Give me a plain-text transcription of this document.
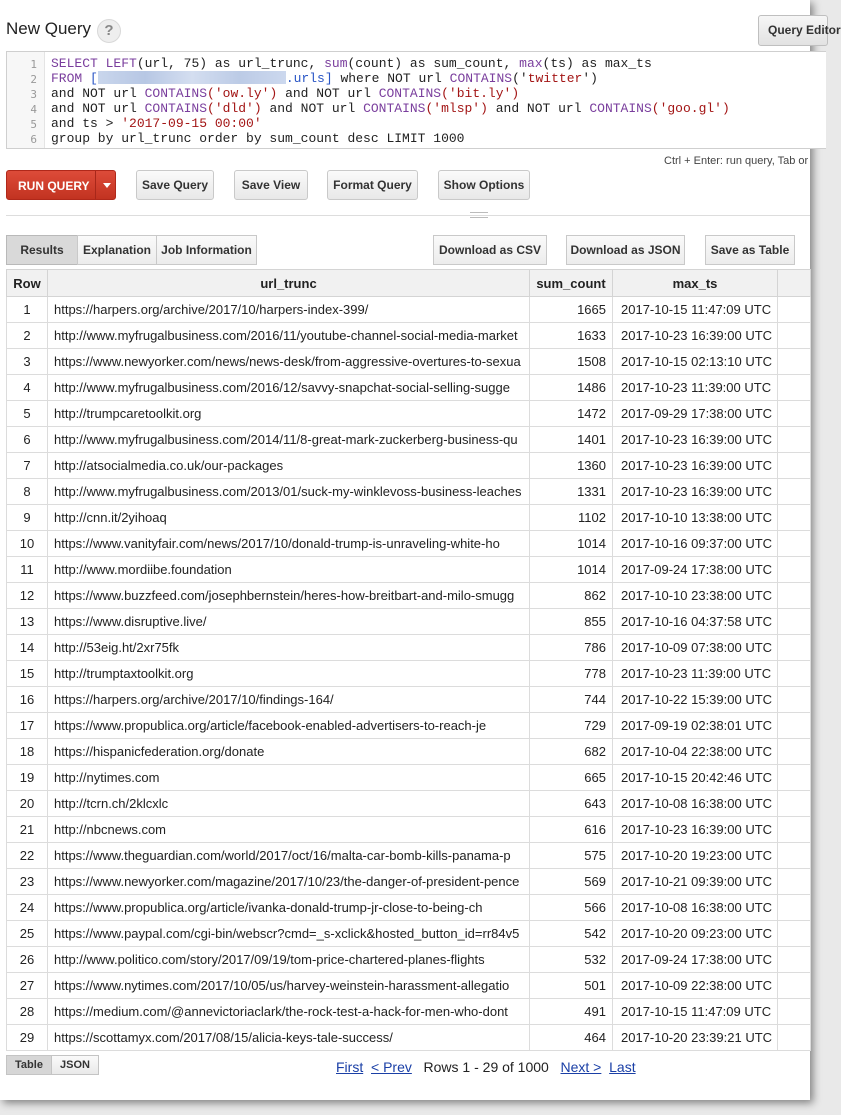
New Query ?	Query Editor
1
2
3
4
5
6
SELECT LEFT(url, 75) as url_trunc, sum(count) as sum_count, max(ts) as max_ts
FROM [	.urls] where NOT url CONTAINS('twitter')
and NOT url CONTAINS('ow.ly') and NOT url CONTAINS('bit.ly')
and NOT url CONTAINS('dld') and NOT url CONTAINS('mlsp') and NOT url CONTAINS('goo.gl')
and ts > '2017-09-15 00:00'
group by url_trunc order by sum_count desc LIMIT 1000
Ctrl + Enter: run query, Tab or
RUN QUERY	Save Query	Save View	Format Query	Show Options
Results	Explanation Job Information	Download as CSV	Download as JSON	Save as Table
Row	url_trunc	sum_count	max_ts	
1	https://harpers.org/archive/2017/10/harpers-index-399/	1665	2017-10-15 11:47:09 UTC	
2	http://www.myfrugalbusiness.com/2016/11/youtube-channel-social-media-market	1633	2017-10-23 16:39:00 UTC	
3	https://www.newyorker.com/news/news-desk/from-aggressive-overtures-to-sexua	1508	2017-10-15 02:13:10 UTC	
4	http://www.myfrugalbusiness.com/2016/12/savvy-snapchat-social-selling-sugge	1486	2017-10-23 11:39:00 UTC	
5	http://trumpcaretoolkit.org	1472	2017-09-29 17:38:00 UTC	
6	http://www.myfrugalbusiness.com/2014/11/8-great-mark-zuckerberg-business-qu	1401	2017-10-23 16:39:00 UTC	
7	http://atsocialmedia.co.uk/our-packages	1360	2017-10-23 16:39:00 UTC	
8	http://www.myfrugalbusiness.com/2013/01/suck-my-winklevoss-business-leaches	1331	2017-10-23 16:39:00 UTC	
9	http://cnn.it/2yihoaq	1102	2017-10-10 13:38:00 UTC	
10	https://www.vanityfair.com/news/2017/10/donald-trump-is-unraveling-white-ho	1014	2017-10-16 09:37:00 UTC	
11	http://www.mordiibe.foundation	1014	2017-09-24 17:38:00 UTC	
12	https://www.buzzfeed.com/josephbernstein/heres-how-breitbart-and-milo-smugg	862	2017-10-10 23:38:00 UTC	
13	https://www.disruptive.live/	855	2017-10-16 04:37:58 UTC	
14	http://53eig.ht/2xr75fk	786	2017-10-09 07:38:00 UTC	
15	http://trumptaxtoolkit.org	778	2017-10-23 11:39:00 UTC	
16	https://harpers.org/archive/2017/10/findings-164/	744	2017-10-22 15:39:00 UTC	
17	https://www.propublica.org/article/facebook-enabled-advertisers-to-reach-je	729	2017-09-19 02:38:01 UTC	
18	https://hispanicfederation.org/donate	682	2017-10-04 22:38:00 UTC	
19	http://nytimes.com	665	2017-10-15 20:42:46 UTC	
20	http://tcrn.ch/2klcxlc	643	2017-10-08 16:38:00 UTC	
21	http://nbcnews.com	616	2017-10-23 16:39:00 UTC	
22	https://www.theguardian.com/world/2017/oct/16/malta-car-bomb-kills-panama-p	575	2017-10-20 19:23:00 UTC	
23	https://www.newyorker.com/magazine/2017/10/23/the-danger-of-president-pence	569	2017-10-21 09:39:00 UTC	
24	https://www.propublica.org/article/ivanka-donald-trump-jr-close-to-being-ch	566	2017-10-08 16:38:00 UTC	
25	https://www.paypal.com/cgi-bin/webscr?cmd=_s-xclick&hosted_button_id=rr84v5	542	2017-10-20 09:23:00 UTC	
26	http://www.politico.com/story/2017/09/19/tom-price-chartered-planes-flights	532	2017-09-24 17:38:00 UTC	
27	https://www.nytimes.com/2017/10/05/us/harvey-weinstein-harassment-allegatio	501	2017-10-09 22:38:00 UTC	
28	https://medium.com/@annevictoriaclark/the-rock-test-a-hack-for-men-who-dont	491	2017-10-15 11:47:09 UTC	
29	https://scottamyx.com/2017/08/15/alicia-keys-tale-success/	464	2017-10-20 23:39:21 UTC	
Table	JSON	First < Prev Rows 1 - 29 of 1000 Next > Last
